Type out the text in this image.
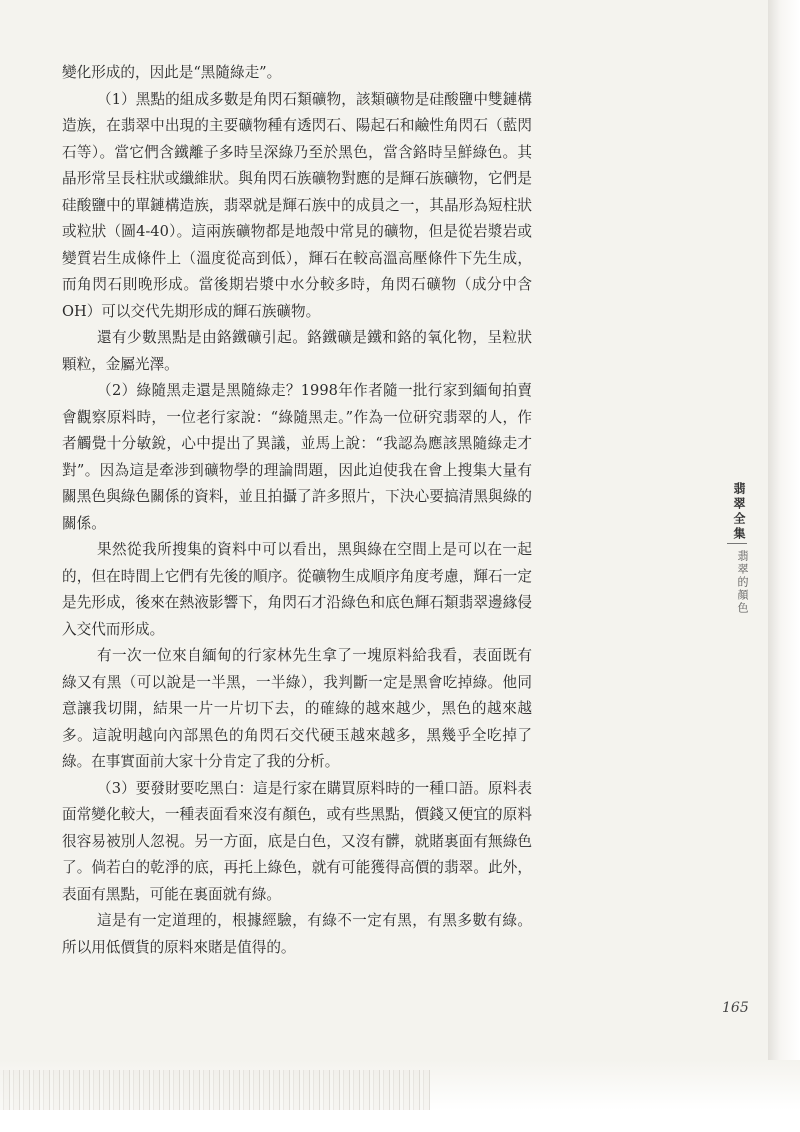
變化形成的，因此是“黑隨綠走”。

（1）黑點的組成多數是角閃石類礦物，該類礦物是硅酸鹽中雙鏈構造族，在翡翠中出現的主要礦物種有透閃石、陽起石和鹼性角閃石（藍閃石等）。當它們含鐵離子多時呈深綠乃至於黑色，當含鉻時呈鮮綠色。其晶形常呈長柱狀或纖維狀。與角閃石族礦物對應的是輝石族礦物，它們是硅酸鹽中的單鏈構造族，翡翠就是輝石族中的成員之一，其晶形為短柱狀或粒狀（圖4-40）。這兩族礦物都是地殼中常見的礦物，但是從岩漿岩或變質岩生成條件上（溫度從高到低），輝石在較高溫高壓條件下先生成，而角閃石則晚形成。當後期岩漿中水分較多時，角閃石礦物（成分中含OH）可以交代先期形成的輝石族礦物。

還有少數黑點是由鉻鐵礦引起。鉻鐵礦是鐵和鉻的氧化物，呈粒狀顆粒，金屬光澤。

（2）綠隨黑走還是黑隨綠走？1998年作者隨一批行家到緬甸拍賣會觀察原料時，一位老行家說：“綠隨黑走。”作為一位研究翡翠的人，作者觸覺十分敏銳，心中提出了異議，並馬上說：“我認為應該黑隨綠走才對”。因為這是牽涉到礦物學的理論問題，因此迫使我在會上搜集大量有關黑色與綠色關係的資料，並且拍攝了許多照片，下決心要搞清黑與綠的關係。

果然從我所搜集的資料中可以看出，黑與綠在空間上是可以在一起的，但在時間上它們有先後的順序。從礦物生成順序角度考慮，輝石一定是先形成，後來在熱液影響下，角閃石才沿綠色和底色輝石類翡翠邊緣侵入交代而形成。

有一次一位來自緬甸的行家林先生拿了一塊原料給我看，表面既有綠又有黑（可以說是一半黑，一半綠），我判斷一定是黑會吃掉綠。他同意讓我切開，結果一片一片切下去，的確綠的越來越少，黑色的越來越多。這說明越向內部黑色的角閃石交代硬玉越來越多，黑幾乎全吃掉了綠。在事實面前大家十分肯定了我的分析。

（3）要發財要吃黑白：這是行家在購買原料時的一種口語。原料表面常變化較大，一種表面看來沒有顏色，或有些黑點，價錢又便宜的原料很容易被別人忽視。另一方面，底是白色，又沒有髒，就賭裏面有無綠色了。倘若白的乾淨的底，再托上綠色，就有可能獲得高價的翡翠。此外，表面有黑點，可能在裏面就有綠。

這是有一定道理的，根據經驗，有綠不一定有黑，有黑多數有綠。所以用低價貨的原料來賭是值得的。

翡翠全集
翡翠的顏色
165
